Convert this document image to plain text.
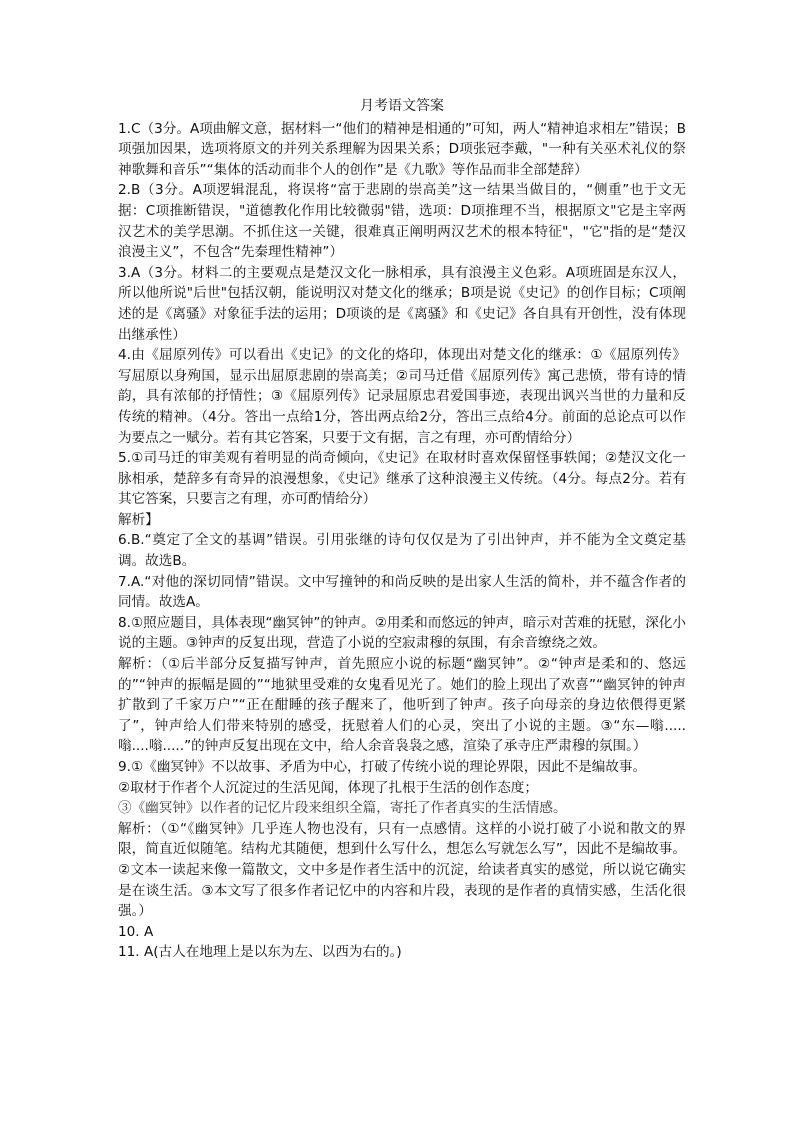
月考语文答案

1.C（3分。A项曲解文意，据材料一“他们的精神是相通的”可知，两人“精神追求相左”错误；B项强加因果，选项将原文的并列关系理解为因果关系；D项张冠李戴，"一种有关巫术礼仪的祭神歌舞和音乐”“集体的活动而非个人的创作”是《九歌》等作品而非全部楚辞）

2.B（3分。A项逻辑混乱，将误将“富于悲剧的崇高美”这一结果当做目的，“侧重”也于文无据：C项推断错误，"道德教化作用比较微弱"错，选项：D项推理不当，根据原文"它是主宰两汉艺术的美学思潮。不抓住这一关键，很难真正阐明两汉艺术的根本特征"，"它"指的是“楚汉浪漫主义”，不包含“先秦理性精神”）

3.A（3分。材料二的主要观点是楚汉文化一脉相承，具有浪漫主义色彩。A项班固是东汉人，所以他所说"后世"包括汉朝，能说明汉对楚文化的继承；B项是说《史记》的创作目标；C项阐述的是《离骚》对象征手法的运用；D项谈的是《离骚》和《史记》各自具有开创性，没有体现出继承性）

4.由《屈原列传》可以看出《史记》的文化的烙印，体现出对楚文化的继承：①《屈原列传》写屈原以身殉国，显示出屈原悲剧的崇高美；②司马迁借《屈原列传》寓己悲愤，带有诗的情韵，具有浓郁的抒情性；③《屈原列传》记录屈原忠君爱国事迹，表现出讽兴当世的力量和反传统的精神。（4分。答出一点给1分，答出两点给2分，答出三点给4分。前面的总论点可以作为要点之一赋分。若有其它答案，只要于文有据，言之有理，亦可酌情给分）

5.①司马迁的审美观有着明显的尚奇倾向，《史记》在取材时喜欢保留怪事轶闻；②楚汉文化一脉相承，楚辞多有奇异的浪漫想象，《史记》继承了这种浪漫主义传统。（4分。每点2分。若有其它答案，只要言之有理，亦可酌情给分）

解析】

6.B.“奠定了全文的基调”错误。引用张继的诗句仅仅是为了引出钟声，并不能为全文奠定基调。故选B。

7.A.“对他的深切同情”错误。文中写撞钟的和尚反映的是出家人生活的简朴，并不蕴含作者的同情。故选A。

8.①照应题目，具体表现“幽冥钟”的钟声。②用柔和而悠远的钟声，暗示对苦难的抚慰，深化小说的主题。③钟声的反复出现，营造了小说的空寂肃穆的氛围，有余音缭绕之效。

解析：（①后半部分反复描写钟声，首先照应小说的标题“幽冥钟”。②“钟声是柔和的、悠远的”“钟声的振幅是圆的”“地狱里受难的女鬼看见光了。她们的脸上现出了欢喜”“幽冥钟的钟声扩散到了千家万户”“正在酣睡的孩子醒来了，他听到了钟声。孩子向母亲的身边依偎得更紧了”，钟声给人们带来特别的感受，抚慰着人们的心灵，突出了小说的主题。③“东—嗡.....嗡....嗡.....”的钟声反复出现在文中，给人余音袅袅之感，渲染了承寺庄严肃穆的氛围。）

9.①《幽冥钟》不以故事、矛盾为中心，打破了传统小说的理论界限，因此不是编故事。

②取材于作者个人沉淀过的生活见闻，体现了扎根于生活的创作态度；

③《幽冥钟》以作者的记忆片段来组织全篇，寄托了作者真实的生活情感。

解析：（①“《幽冥钟》几乎连人物也没有，只有一点感情。这样的小说打破了小说和散文的界限，简直近似随笔。结构尤其随便，想到什么写什么，想怎么写就怎么写”，因此不是编故事。②文本一读起来像一篇散文，文中多是作者生活中的沉淀，给读者真实的感觉，所以说它确实是在谈生活。③本文写了很多作者记忆中的内容和片段，表现的是作者的真情实感，生活化很强。）

10. A

11. A(古人在地理上是以东为左、以西为右的。)
